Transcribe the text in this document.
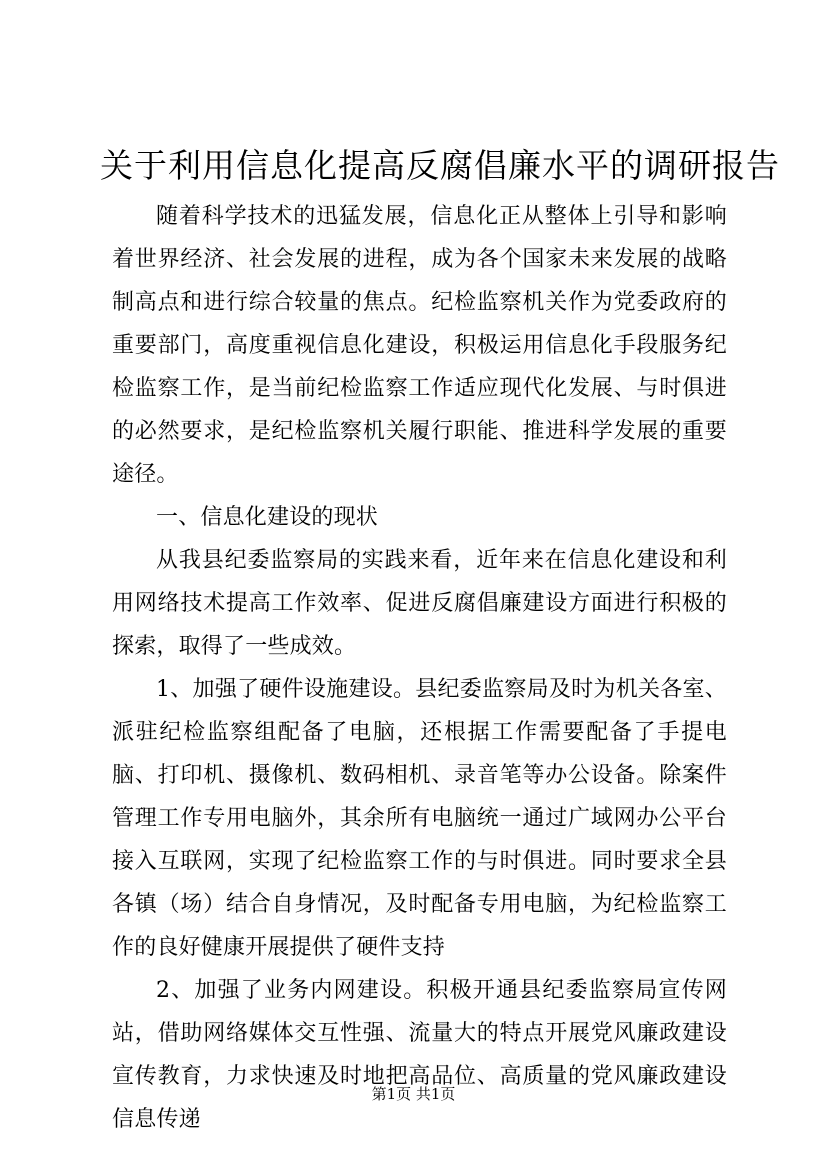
关于利用信息化提高反腐倡廉水平的调研报告

随着科学技术的迅猛发展，信息化正从整体上引导和影响着世界经济、社会发展的进程，成为各个国家未来发展的战略制高点和进行综合较量的焦点。纪检监察机关作为党委政府的重要部门，高度重视信息化建设，积极运用信息化手段服务纪检监察工作，是当前纪检监察工作适应现代化发展、与时俱进的必然要求，是纪检监察机关履行职能、推进科学发展的重要途径。

一、信息化建设的现状

从我县纪委监察局的实践来看，近年来在信息化建设和利用网络技术提高工作效率、促进反腐倡廉建设方面进行积极的探索，取得了一些成效。

1、加强了硬件设施建设。县纪委监察局及时为机关各室、派驻纪检监察组配备了电脑，还根据工作需要配备了手提电脑、打印机、摄像机、数码相机、录音笔等办公设备。除案件管理工作专用电脑外，其余所有电脑统一通过广域网办公平台接入互联网，实现了纪检监察工作的与时俱进。同时要求全县各镇（场）结合自身情况，及时配备专用电脑，为纪检监察工作的良好健康开展提供了硬件支持

2、加强了业务内网建设。积极开通县纪委监察局宣传网站，借助网络媒体交互性强、流量大的特点开展党风廉政建设宣传教育，力求快速及时地把高品位、高质量的党风廉政建设信息传递

第1页 共1页
